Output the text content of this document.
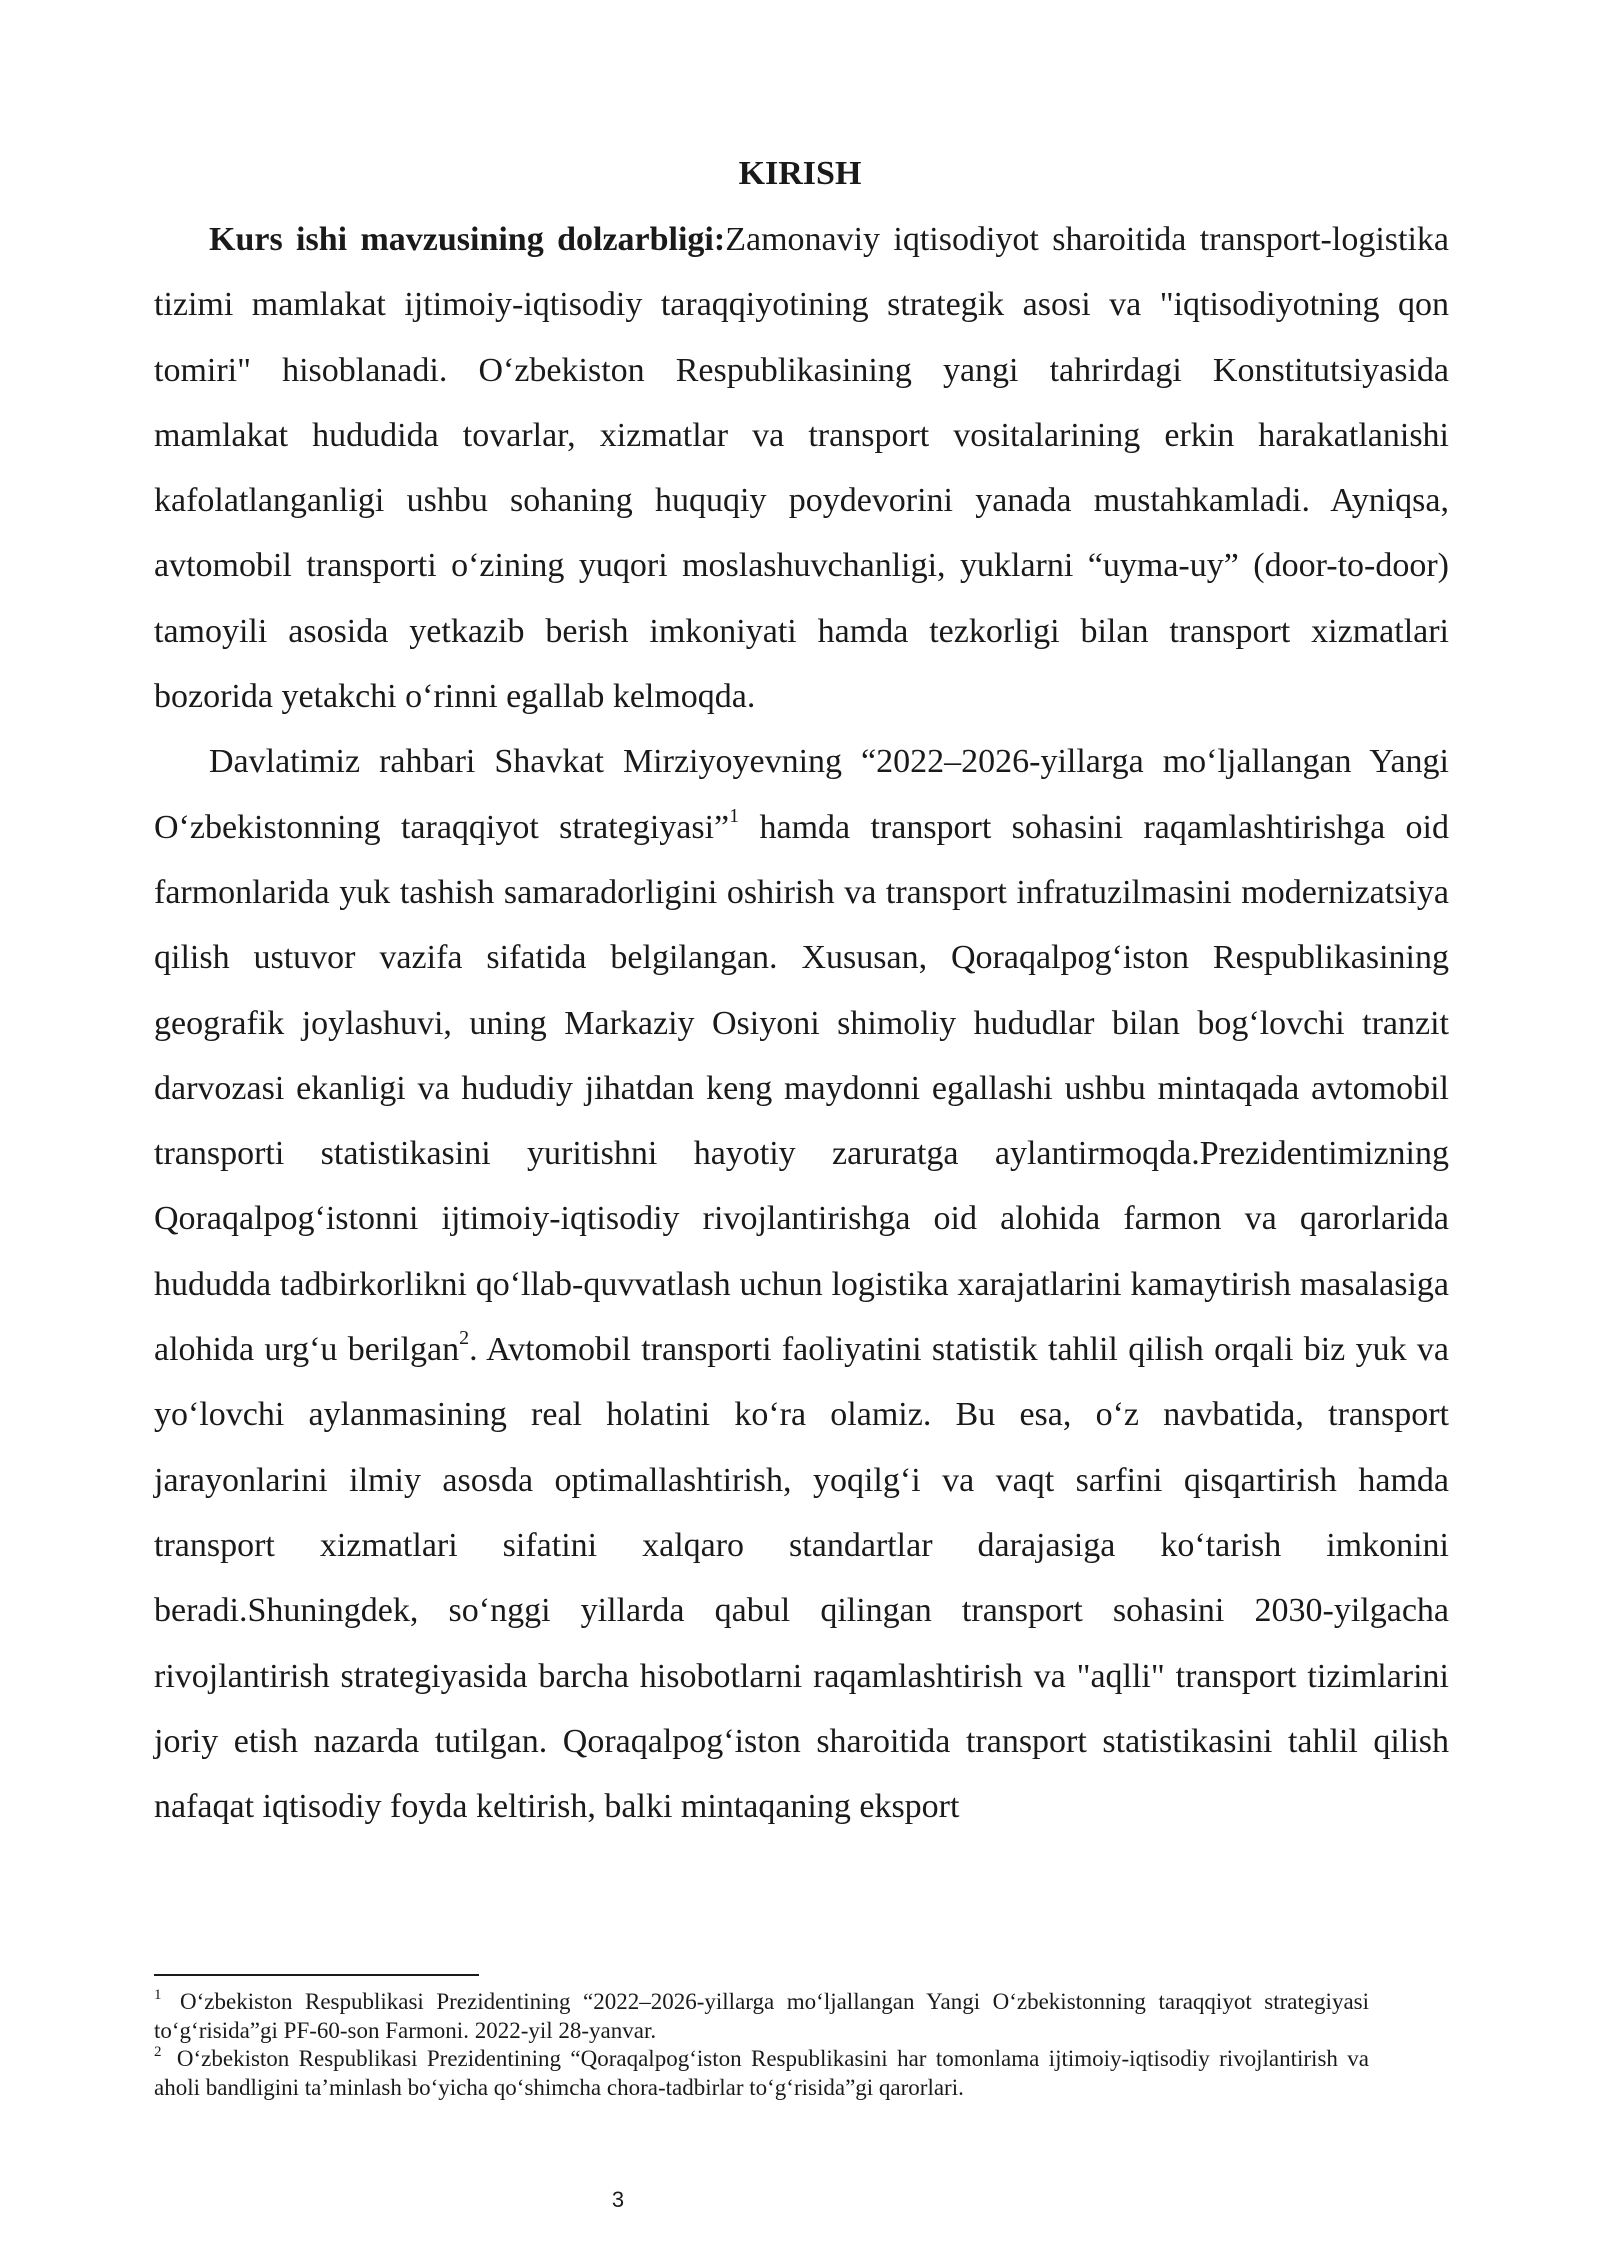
KIRISH

Kurs ishi mavzusining dolzarbligi:Zamonaviy iqtisodiyot sharoitida transport-logistika tizimi mamlakat ijtimoiy-iqtisodiy taraqqiyotining strategik asosi va "iqtisodiyotning qon tomiri" hisoblanadi. O‘zbekiston Respublikasining yangi tahrirdagi Konstitutsiyasida mamlakat hududida tovarlar, xizmatlar va transport vositalarining erkin harakatlanishi kafolatlanganligi ushbu sohaning huquqiy poydevorini yanada mustahkamladi. Ayniqsa, avtomobil transporti o‘zining yuqori moslashuvchanligi, yuklarni “uyma-uy” (door-to-door) tamoyili asosida yetkazib berish imkoniyati hamda tezkorligi bilan transport xizmatlari bozorida yetakchi o‘rinni egallab kelmoqda.

Davlatimiz rahbari Shavkat Mirziyoyevning “2022–2026-yillarga mo‘ljallangan Yangi O‘zbekistonning taraqqiyot strategiyasi”$^1$ hamda transport sohasini raqamlashtirishga oid farmonlarida yuk tashish samaradorligini oshirish va transport infratuzilmasini modernizatsiya qilish ustuvor vazifa sifatida belgilangan. Xususan, Qoraqalpog‘iston Respublikasining geografik joylashuvi, uning Markaziy Osiyoni shimoliy hududlar bilan bog‘lovchi tranzit darvozasi ekanligi va hududiy jihatdan keng maydonni egallashi ushbu mintaqada avtomobil transporti statistikasini yuritishni hayotiy zaruratga aylantirmoqda.Prezidentimizning Qoraqalpog‘istonni ijtimoiy-iqtisodiy rivojlantirishga oid alohida farmon va qarorlarida hududda tadbirkorlikni qo‘llab-quvvatlash uchun logistika xarajatlarini kamaytirish masalasiga alohida urg‘u berilgan$^2$. Avtomobil transporti faoliyatini statistik tahlil qilish orqali biz yuk va yo‘lovchi aylanmasining real holatini ko‘ra olamiz. Bu esa, o‘z navbatida, transport jarayonlarini ilmiy asosda optimallashtirish, yoqilg‘i va vaqt sarfini qisqartirish hamda transport xizmatlari sifatini xalqaro standartlar darajasiga ko‘tarish imkonini beradi.Shuningdek, so‘nggi yillarda qabul qilingan transport sohasini 2030-yilgacha rivojlantirish strategiyasida barcha hisobotlarni raqamlashtirish va "aqlli" transport tizimlarini joriy etish nazarda tutilgan. Qoraqalpog‘iston sharoitida transport statistikasini tahlil qilish nafaqat iqtisodiy foyda keltirish, balki mintaqaning eksport

$^1$ O‘zbekiston Respublikasi Prezidentining “2022–2026-yillarga mo‘ljallangan Yangi O‘zbekistonning taraqqiyot strategiyasi to‘g‘risida”gi PF-60-son Farmoni. 2022-yil 28-yanvar.

$^2$ O‘zbekiston Respublikasi Prezidentining “Qoraqalpog‘iston Respublikasini har tomonlama ijtimoiy-iqtisodiy rivojlantirish va aholi bandligini ta’minlash bo‘yicha qo‘shimcha chora-tadbirlar to‘g‘risida”gi qarorlari.

3
